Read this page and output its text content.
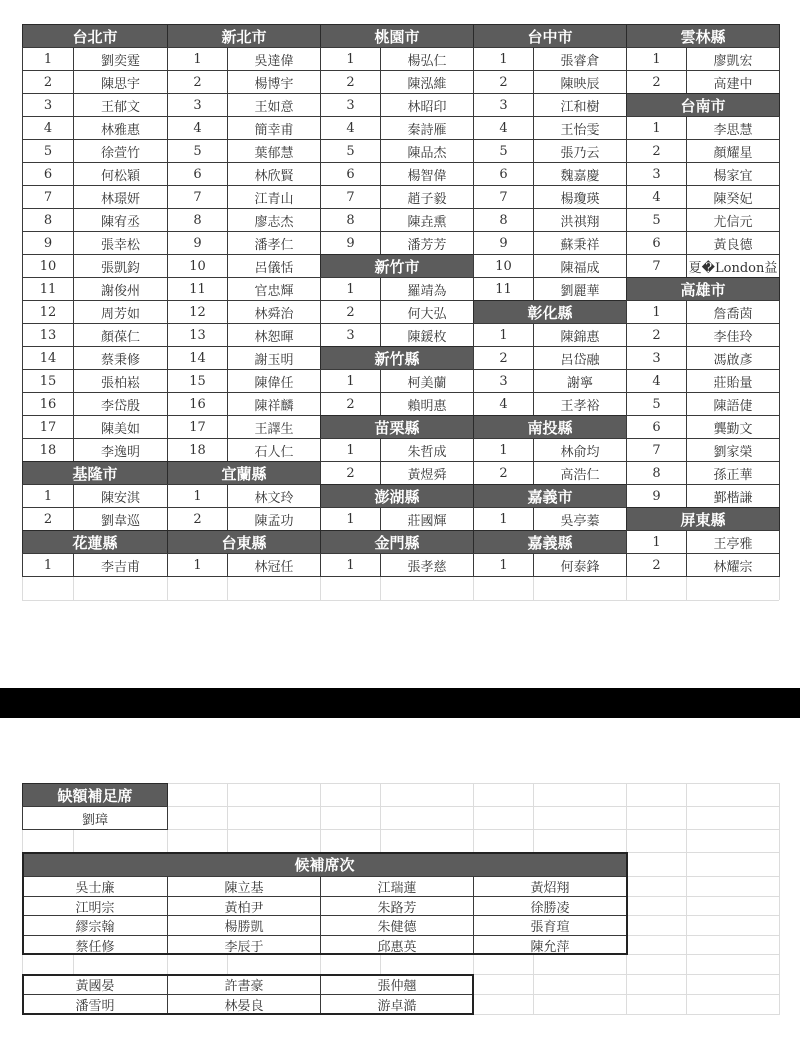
台北市
1	劉奕霆
2	陳思宇
3	王郁文
4	林雅惠
5	徐萱竹
6	何松穎
7	林璟妍
8	陳宥丞
9	張幸松
10	張凱鈞
11	謝俊州
12	周芳如
13	顏葆仁
14	蔡秉修
15	張柏崧
16	李岱殷
17	陳美如
18	李逸明
基隆市
1	陳安淇
2	劉韋巡
花蓮縣
1	李吉甫
新北市
1	吳達偉
2	楊博宇
3	王如意
4	簡幸甫
5	葉郁慧
6	林欣賢
7	江青山
8	廖志杰
9	潘孝仁
10	呂儀恬
11	官忠輝
12	林舜治
13	林恕暉
14	謝玉明
15	陳偉任
16	陳祥麟
17	王譯生
18	石人仁
宜蘭縣
1	林文玲
2	陳孟功
台東縣
1	林冠任
桃園市
1	楊弘仁
2	陳泓維
3	林昭印
4	秦詩雁
5	陳品杰
6	楊智偉
7	趙子毅
8	陳垚熏
9	潘芳芳
新竹市
1	羅靖為
2	何大弘
3	陳鍰枚
新竹縣
1	柯美蘭
2	賴明惠
苗栗縣
1	朱哲成
2	黃煜舜
澎湖縣
1	莊國輝
金門縣
1	張孝慈
台中市
1	張睿倉
2	陳映辰
3	江和樹
4	王怡雯
5	張乃云
6	魏嘉慶
7	楊瓊瑛
8	洪祺翔
9	蘇秉祥
10	陳福成
11	劉麗華
彰化縣
1	陳錦惠
2	呂岱融
3	謝寧
4	王孝裕
南投縣
1	林俞均
2	高浩仁
嘉義市
1	吳亭蓁
嘉義縣
1	何泰鋒
雲林縣
1	廖凱宏
2	高建中
台南市
1	李思慧
2	顏耀星
3	楊家宜
4	陳癸妃
5	尤信元
6	黃良德
7	夏�London益
高雄市
1	詹喬茵
2	李佳玲
3	馮啟彥
4	莊貽量
5	陳語倢
6	龔勤文
7	劉家榮
8	孫正華
9	鄞楷謙
屏東縣
1	王亭雅
2	林耀宗
缺額補足席
劉璋
候補席次
吳士廉	陳立基	江瑞蓮	黃炤翔
江明宗	黃柏尹	朱路芳	徐勝凌
繆宗翰	楊勝凱	朱健德	張育瑄
蔡任修	李辰于	邱惠英	陳允萍
黃國晏	許書豪	張仲翹
潘雪明	林晏良	游卓澔
